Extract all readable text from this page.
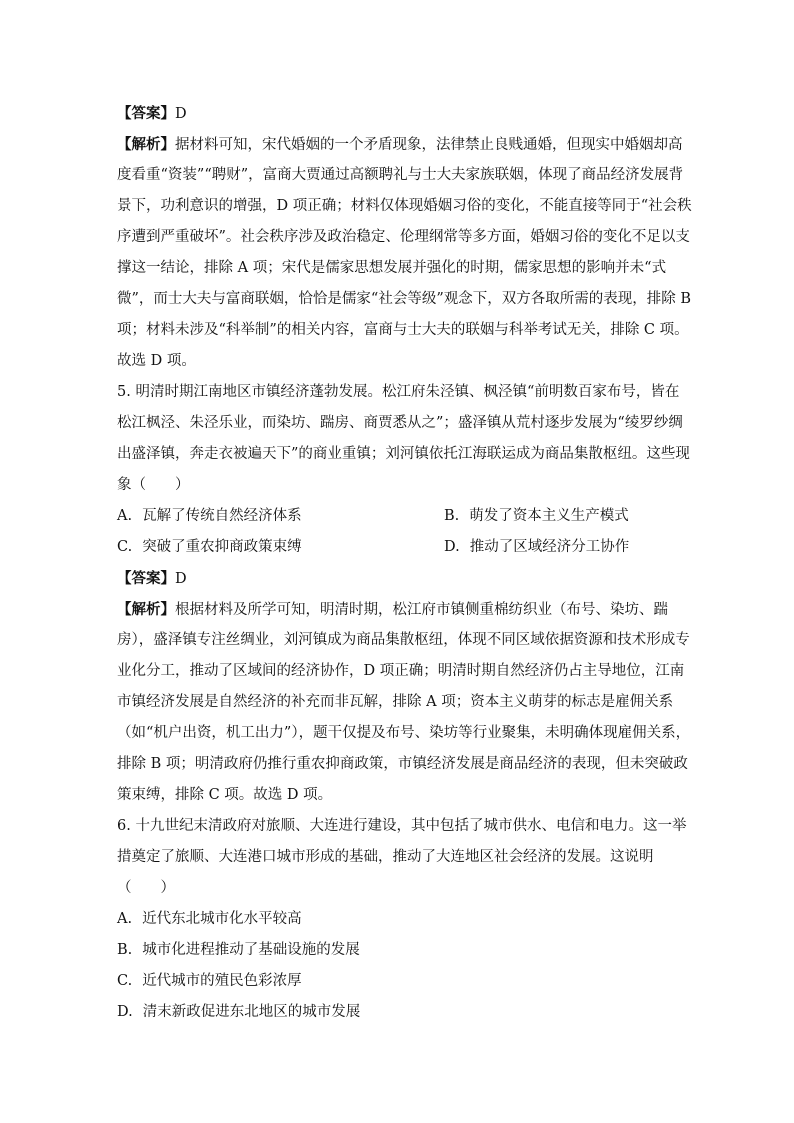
【答案】D
【解析】据材料可知，宋代婚姻的一个矛盾现象，法律禁止良贱通婚，但现实中婚姻却高
度看重“资装”“聘财”，富商大贾通过高额聘礼与士大夫家族联姻，体现了商品经济发展背
景下，功利意识的增强，D 项正确；材料仅体现婚姻习俗的变化，不能直接等同于“社会秩
序遭到严重破坏”。社会秩序涉及政治稳定、伦理纲常等多方面，婚姻习俗的变化不足以支
撑这一结论，排除 A 项；宋代是儒家思想发展并强化的时期，儒家思想的影响并未“式
微”，而士大夫与富商联姻，恰恰是儒家“社会等级”观念下，双方各取所需的表现，排除 B
项；材料未涉及“科举制”的相关内容，富商与士大夫的联姻与科举考试无关，排除 C 项。
故选 D 项。
5. 明清时期江南地区市镇经济蓬勃发展。松江府朱泾镇、枫泾镇“前明数百家布号，皆在
松江枫泾、朱泾乐业，而染坊、踹房、商贾悉从之”；盛泽镇从荒村逐步发展为“绫罗纱绸
出盛泽镇，奔走衣被遍天下”的商业重镇；刘河镇依托江海联运成为商品集散枢纽。这些现
象（　　）
A. 瓦解了传统自然经济体系	B. 萌发了资本主义生产模式
C. 突破了重农抑商政策束缚	D. 推动了区域经济分工协作
【答案】D
【解析】根据材料及所学可知，明清时期，松江府市镇侧重棉纺织业（布号、染坊、踹
房），盛泽镇专注丝绸业，刘河镇成为商品集散枢纽，体现不同区域依据资源和技术形成专
业化分工，推动了区域间的经济协作，D 项正确；明清时期自然经济仍占主导地位，江南
市镇经济发展是自然经济的补充而非瓦解，排除 A 项；资本主义萌芽的标志是雇佣关系
（如“机户出资，机工出力”），题干仅提及布号、染坊等行业聚集，未明确体现雇佣关系，
排除 B 项；明清政府仍推行重农抑商政策，市镇经济发展是商品经济的表现，但未突破政
策束缚，排除 C 项。故选 D 项。
6. 十九世纪末清政府对旅顺、大连进行建设，其中包括了城市供水、电信和电力。这一举
措奠定了旅顺、大连港口城市形成的基础，推动了大连地区社会经济的发展。这说明
（　　）
A. 近代东北城市化水平较高
B. 城市化进程推动了基础设施的发展
C. 近代城市的殖民色彩浓厚
D. 清末新政促进东北地区的城市发展
